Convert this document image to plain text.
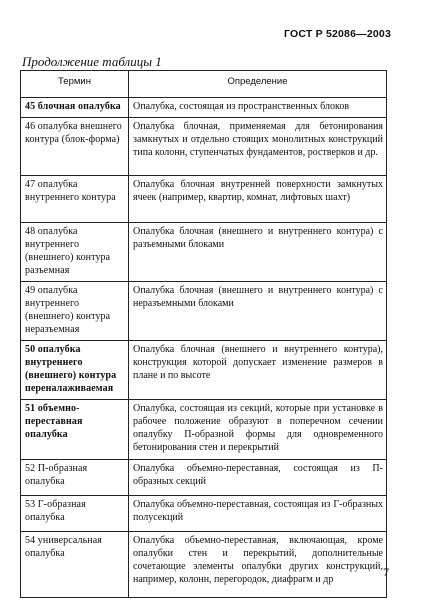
ГОСТ Р 52086—2003
Продолжение таблицы 1
Термин	Определение
45 блочная опалубка	Опалубка, состоящая из пространственных блоков
46 опалубка внешнего контура (блок-форма)	Опалубка блочная, применяемая для бетонирования замкнутых и отдельно стоящих монолитных конструкций типа колонн, ступенчатых фундаментов, ростверков и др.
47 опалубка внутреннего контура	Опалубка блочная внутренней поверхности замкнутых ячеек (например, квартир, комнат, лифтовых шахт)
48 опалубка внутреннего (внешнего) контура разъемная	Опалубка блочная (внешнего и внутреннего контура) с разъемными блоками
49 опалубка внутреннего (внешнего) контура неразъемная	Опалубка блочная (внешнего и внутреннего контура) с неразъемными блоками
50 опалубка внутреннего (внешнего) контура переналаживаемая	Опалубка блочная (внешнего и внутреннего контура), конструкция которой допускает изменение размеров в плане и по высоте
51 объемно-переставная опалубка	Опалубка, состоящая из секций, которые при установке в рабочее положение образуют в поперечном сечении опалубку П-образной формы для одновременного бетонирования стен и перекрытий
52 П-образная опалубка	Опалубка объемно-переставная, состоящая из П-образных секций
53 Г-образная опалубка	Опалубка объемно-переставная, состоящая из Г-образных полусекций
54 универсальная опалубка	Опалубка объемно-переставная, включающая, кроме опалубки стен и перекрытий, дополнительные сочетающие элементы опалубки других конструкций, например, колонн, перегородок, диафрагм и др
7
